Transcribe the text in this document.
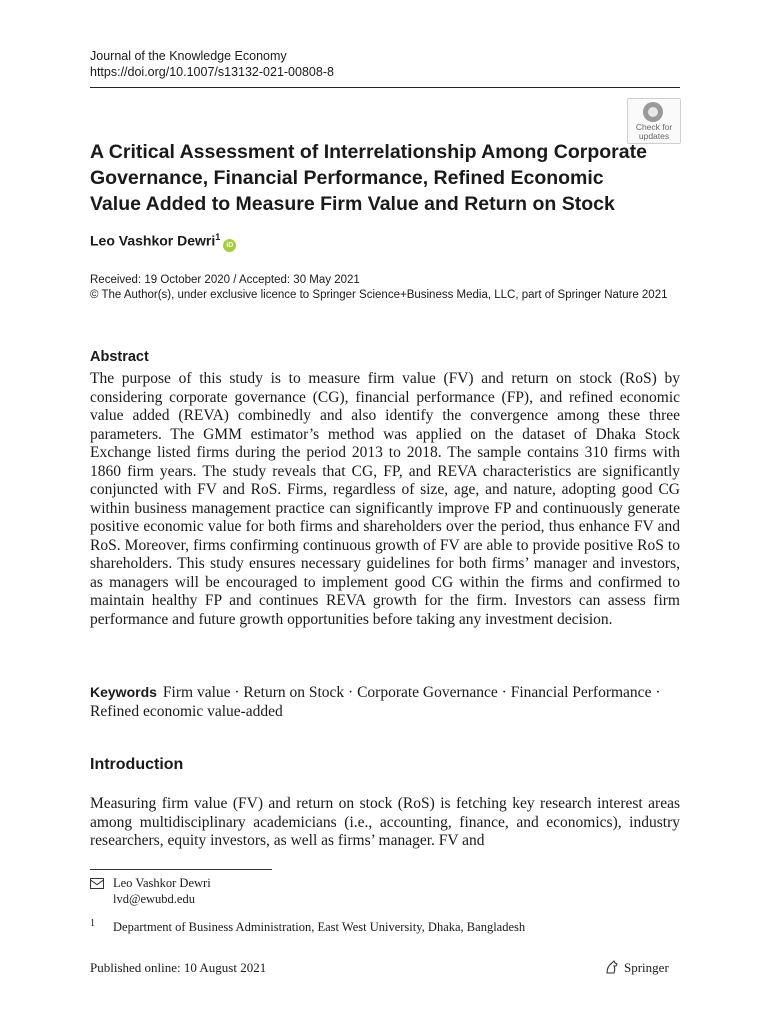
Journal of the Knowledge Economy
https://doi.org/10.1007/s13132-021-00808-8
Check for
updates
A Critical Assessment of Interrelationship Among Corporate Governance, Financial Performance, Refined Economic Value Added to Measure Firm Value and Return on Stock
Leo Vashkor Dewri$^1$iD
Received: 19 October 2020 / Accepted: 30 May 2021
© The Author(s), under exclusive licence to Springer Science+Business Media, LLC, part of Springer Nature 2021
Abstract

The purpose of this study is to measure firm value (FV) and return on stock (RoS) by considering corporate governance (CG), financial performance (FP), and refined economic value added (REVA) combinedly and also identify the convergence among these three parameters. The GMM estimator’s method was applied on the dataset of Dhaka Stock Exchange listed firms during the period 2013 to 2018. The sample contains 310 firms with 1860 firm years. The study reveals that CG, FP, and REVA characteristics are significantly conjuncted with FV and RoS. Firms, regardless of size, age, and nature, adopting good CG within business management practice can significantly improve FP and continuously generate positive economic value for both firms and shareholders over the period, thus enhance FV and RoS. Moreover, firms confirming continuous growth of FV are able to provide positive RoS to shareholders. This study ensures necessary guidelines for both firms’ manager and investors, as managers will be encouraged to implement good CG within the firms and confirmed to maintain healthy FP and continues REVA growth for the firm. Investors can assess firm performance and future growth opportunities before taking any investment decision.

Keywords Firm value · Return on Stock · Corporate Governance · Financial Performance · Refined economic value-added
Introduction

Measuring firm value (FV) and return on stock (RoS) is fetching key research interest areas among multidisciplinary academicians (i.e., accounting, finance, and economics), industry researchers, equity investors, as well as firms’ manager. FV and

Leo Vashkor Dewri
lvd@ewubd.edu
1 Department of Business Administration, East West University, Dhaka, Bangladesh
Published online: 10 August 2021	Springer
